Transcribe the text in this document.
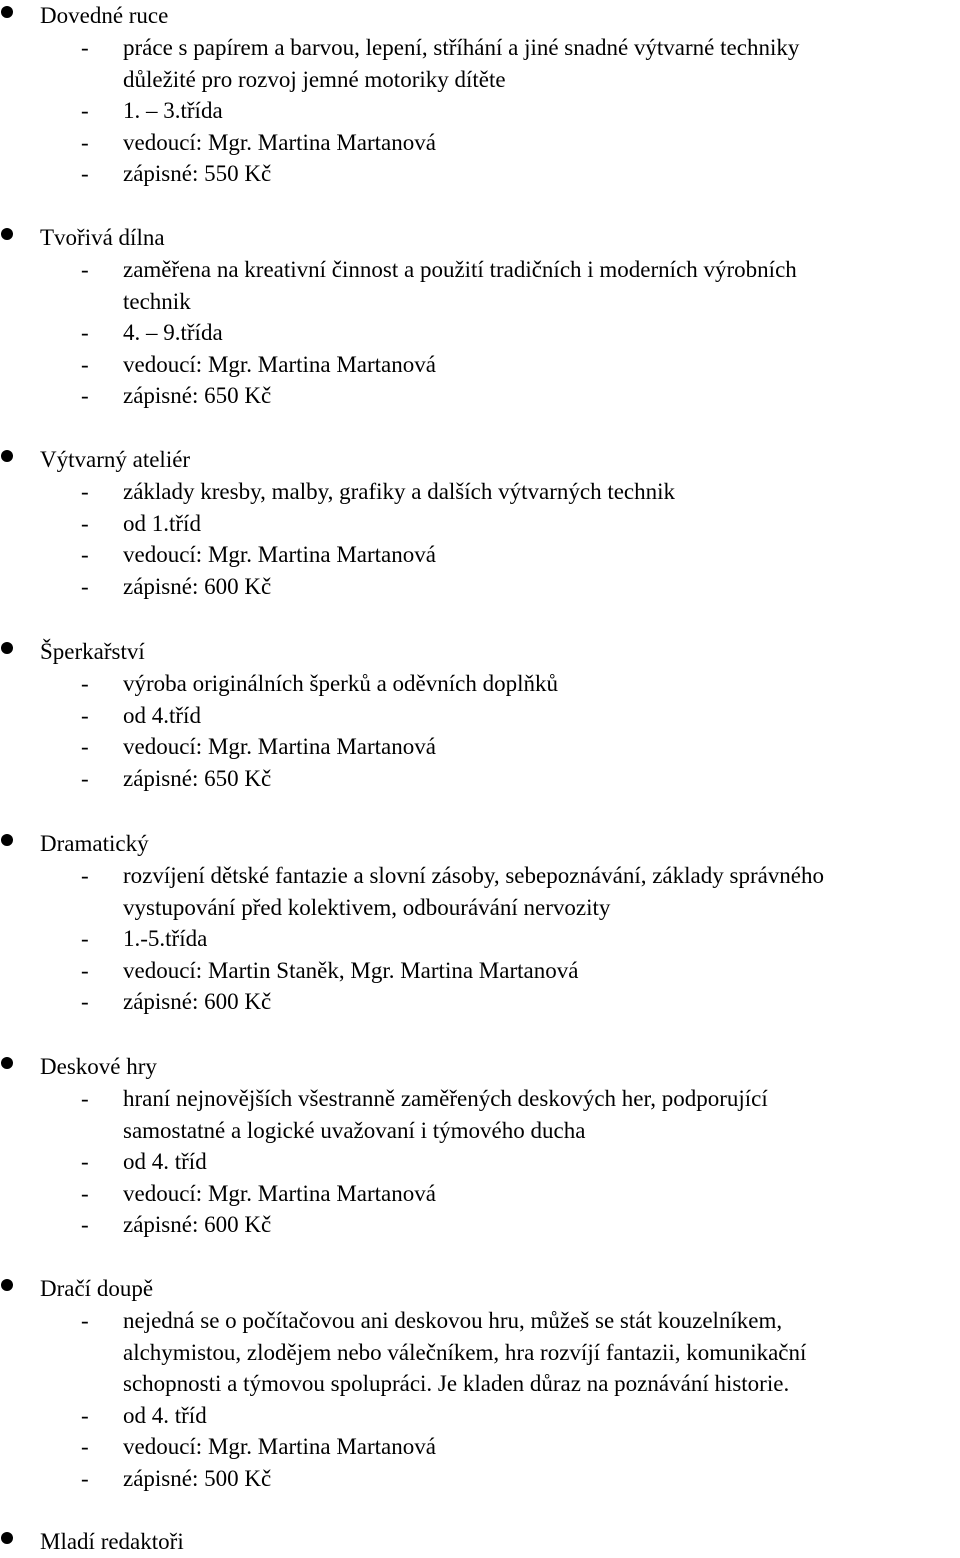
Dovedné ruce
- práce s papírem a barvou, lepení, stříhání a jiné snadné výtvarné techniky
důležité pro rozvoj jemné motoriky dítěte
- 1. – 3.třída
- vedoucí: Mgr. Martina Martanová
- zápisné: 550 Kč
Tvořivá dílna
- zaměřena na kreativní činnost a použití tradičních i moderních výrobních
technik
- 4. – 9.třída
- vedoucí: Mgr. Martina Martanová
- zápisné: 650 Kč
Výtvarný ateliér
- základy kresby, malby, grafiky a dalších výtvarných technik
- od 1.tříd
- vedoucí: Mgr. Martina Martanová
- zápisné: 600 Kč
Šperkařství
- výroba originálních šperků a oděvních doplňků
- od 4.tříd
- vedoucí: Mgr. Martina Martanová
- zápisné: 650 Kč
Dramatický
- rozvíjení dětské fantazie a slovní zásoby, sebepoznávání, základy správného
vystupování před kolektivem, odbourávání nervozity
- 1.-5.třída
- vedoucí: Martin Staněk, Mgr. Martina Martanová
- zápisné: 600 Kč
Deskové hry
- hraní nejnovějších všestranně zaměřených deskových her, podporující
samostatné a logické uvažovaní i týmového ducha
- od 4. tříd
- vedoucí: Mgr. Martina Martanová
- zápisné: 600 Kč
Dračí doupě
- nejedná se o počítačovou ani deskovou hru, můžeš se stát kouzelníkem,
alchymistou, zlodějem nebo válečníkem, hra rozvíjí fantazii, komunikační
schopnosti a týmovou spolupráci. Je kladen důraz na poznávání historie.
- od 4. tříd
- vedoucí: Mgr. Martina Martanová
- zápisné: 500 Kč
Mladí redaktoři
